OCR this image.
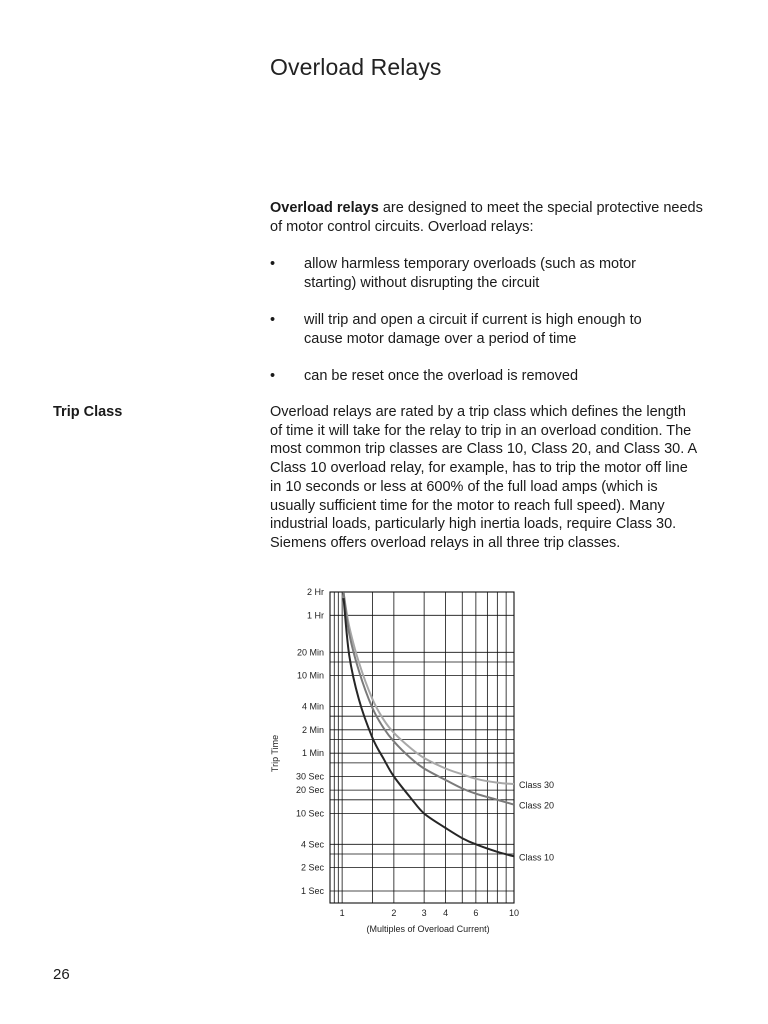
Overload Relays
Overload relays are designed to meet the special protective needs of motor control circuits. Overload relays:
•	allow harmless temporary overloads (such as motor starting) without disrupting the circuit
•	will trip and open a circuit if current is high enough to cause motor damage over a period of time
•	can be reset once the overload is removed
Trip Class	Overload relays are rated by a trip class which defines the length of time it will take for the relay to trip in an overload condition. The most common trip classes are Class 10, Class 20, and Class 30. A Class 10 overload relay, for example, has to trip the motor off line in 10 seconds or less at 600% of the full load amps (which is usually sufficient time for the motor to reach full speed). Many industrial loads, particularly high inertia loads, require Class 30. Siemens offers overload relays in all three trip classes.
1 Sec
2 Sec
4 Sec
10 Sec
20 Sec
30 Sec
1 Min
2 Min
4 Min
10 Min
20 Min
1 Hr
2 Hr
1	2	3 4	6	10
(Multiples of Overload Current)
Trip Time
Class 30
Class 20
Class 10
26
